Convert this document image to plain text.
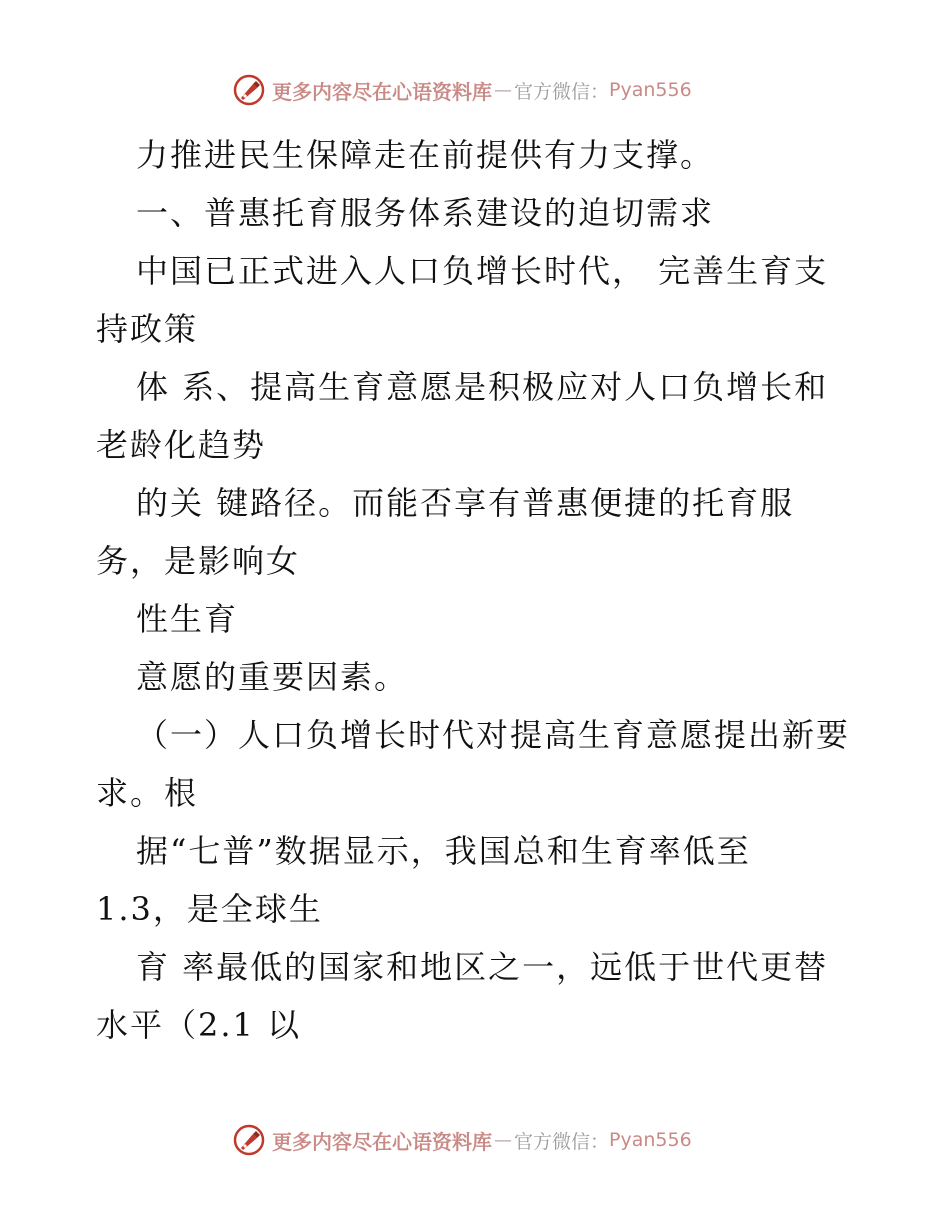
更多内容尽在心语资料库 — 官方微信： Pyan556
力推进民生保障走在前提供有力支撑。
一、普惠托育服务体系建设的迫切需求
中国已正式进入人口负增长时代， 完善生育支
持政策
体 系、提高生育意愿是积极应对人口负增长和
老龄化趋势
的关 键路径。而能否享有普惠便捷的托育服
务，是影响女
性生育
意愿的重要因素。
（一）人口负增长时代对提高生育意愿提出新要
求。根
据“七普”数据显示，我国总和生育率低至
1.3，是全球生
育 率最低的国家和地区之一，远低于世代更替
水平（2.1 以
更多内容尽在心语资料库 — 官方微信： Pyan556
